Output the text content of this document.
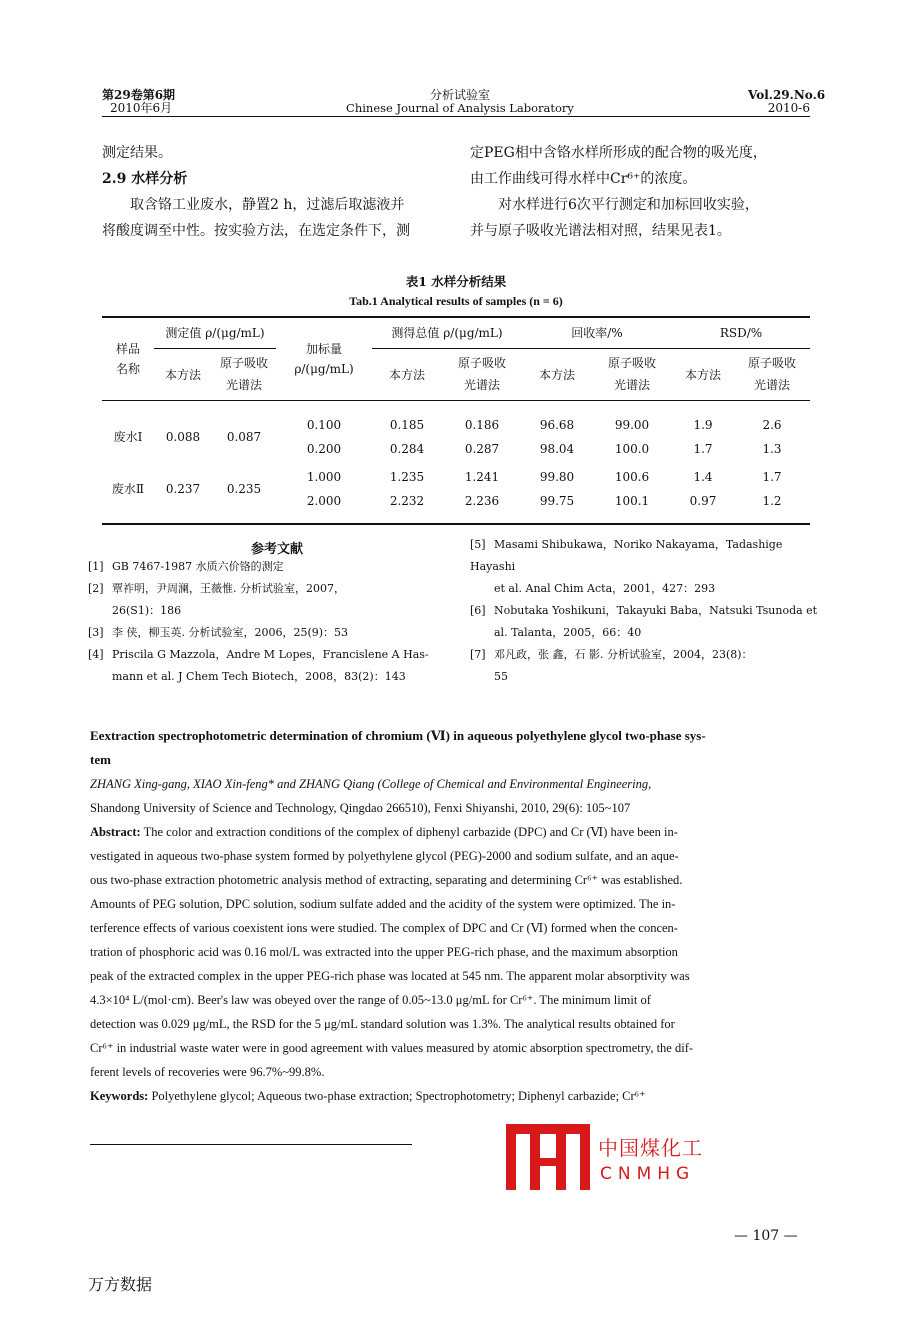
第29卷第6期
2010年6月
分析试验室
Chinese Journal of Analysis Laboratory
Vol.29.No.6
2010-6
测定结果。
2.9 水样分析
取含铬工业废水，静置2 h，过滤后取滤液并
将酸度调至中性。按实验方法，在选定条件下，测
定PEG相中含铬水样所形成的配合物的吸光度，
由工作曲线可得水样中Cr⁶⁺的浓度。
对水样进行6次平行测定和加标回收实验，
并与原子吸收光谱法相对照，结果见表1。
表1 水样分析结果
Tab.1 Analytical results of samples (n = 6)
样品名称	测定值 ρ/(μg/mL)		加标量 ρ/(μg/mL)	测得总值 ρ/(μg/mL)		回收率/%		RSD/%	
	本方法	原子吸收光谱法		本方法	原子吸收光谱法	本方法	原子吸收光谱法	本方法	原子吸收光谱法

废水Ⅰ	0.088	0.087	0.100	0.185	0.186	96.68	99.00	1.9	2.6
			0.200	0.284	0.287	98.04	100.0	1.7	1.3

废水Ⅱ	0.237	0.235	1.000	1.235	1.241	99.80	100.6	1.4	1.7
			2.000	2.232	2.236	99.75	100.1	0.97	1.2

参考文献
[1] GB 7467-1987 水质六价铬的测定
[2] 覃祚明，尹周澜，王薇惟. 分析试验室，2007，
26(S1)：186
[3] 李 侠，柳玉英. 分析试验室，2006，25(9)：53
[4] Priscila G Mazzola，Andre M Lopes，Francislene A Has-
mann et al. J Chem Tech Biotech，2008，83(2)：143
[5] Masami Shibukawa，Noriko Nakayama，Tadashige Hayashi
et al. Anal Chim Acta，2001，427：293
[6] Nobutaka Yoshikuni，Takayuki Baba，Natsuki Tsunoda et
al. Talanta，2005，66：40
[7] 邓凡政，张 鑫，石 影. 分析试验室，2004，23(8)：
55
Eextraction spectrophotometric determination of chromium (Ⅵ) in aqueous polyethylene glycol two-phase sys-
tem
ZHANG Xing-gang, XIAO Xin-feng* and ZHANG Qiang (College of Chemical and Environmental Engineering,
Shandong University of Science and Technology, Qingdao 266510), Fenxi Shiyanshi, 2010, 29(6): 105~107
Abstract: The color and extraction conditions of the complex of diphenyl carbazide (DPC) and Cr (Ⅵ) have been in-
vestigated in aqueous two-phase system formed by polyethylene glycol (PEG)-2000 and sodium sulfate, and an aque-
ous two-phase extraction photometric analysis method of extracting, separating and determining Cr⁶⁺ was established.
Amounts of PEG solution, DPC solution, sodium sulfate added and the acidity of the system were optimized. The in-
terference effects of various coexistent ions were studied. The complex of DPC and Cr (Ⅵ) formed when the concen-
tration of phosphoric acid was 0.16 mol/L was extracted into the upper PEG-rich phase, and the maximum absorption
peak of the extracted complex in the upper PEG-rich phase was located at 545 nm. The apparent molar absorptivity was
4.3×10⁴ L/(mol·cm). Beer's law was obeyed over the range of 0.05~13.0 μg/mL for Cr⁶⁺. The minimum limit of
detection was 0.029 μg/mL, the RSD for the 5 μg/mL standard solution was 1.3%. The analytical results obtained for
Cr⁶⁺ in industrial waste water were in good agreement with values measured by atomic absorption spectrometry, the dif-
ferent levels of recoveries were 96.7%~99.8%.
Keywords: Polyethylene glycol; Aqueous two-phase extraction; Spectrophotometry; Diphenyl carbazide; Cr⁶⁺
中国煤化工
CNMHG
— 107 —
万方数据
